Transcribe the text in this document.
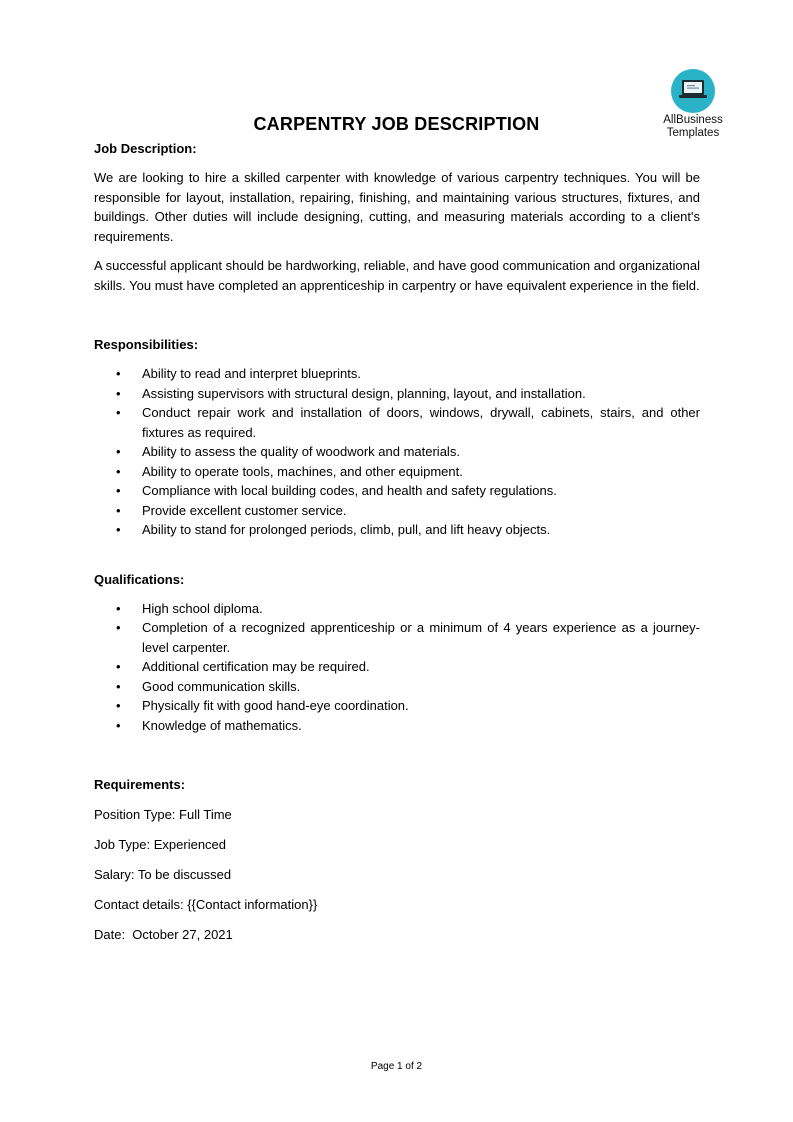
AllBusiness
Templates
CARPENTRY JOB DESCRIPTION

Job Description:

We are looking to hire a skilled carpenter with knowledge of various carpentry techniques. You will be responsible for layout, installation, repairing, finishing, and maintaining various structures, fixtures, and buildings. Other duties will include designing, cutting, and measuring materials according to a client's requirements.

A successful applicant should be hardworking, reliable, and have good communication and organizational skills. You must have completed an apprenticeship in carpentry or have equivalent experience in the field.

Responsibilities:

• Ability to read and interpret blueprints.
• Assisting supervisors with structural design, planning, layout, and installation.
• Conduct repair work and installation of doors, windows, drywall, cabinets, stairs, and other fixtures as required.
• Ability to assess the quality of woodwork and materials.
• Ability to operate tools, machines, and other equipment.
• Compliance with local building codes, and health and safety regulations.
• Provide excellent customer service.
• Ability to stand for prolonged periods, climb, pull, and lift heavy objects.

Qualifications:

• High school diploma.
• Completion of a recognized apprenticeship or a minimum of 4 years experience as a journey-level carpenter.
• Additional certification may be required.
• Good communication skills.
• Physically fit with good hand-eye coordination.
• Knowledge of mathematics.

Requirements:

Position Type: Full Time

Job Type: Experienced

Salary: To be discussed

Contact details: {{Contact information}}

Date:  October 27, 2021

Page 1 of 2
